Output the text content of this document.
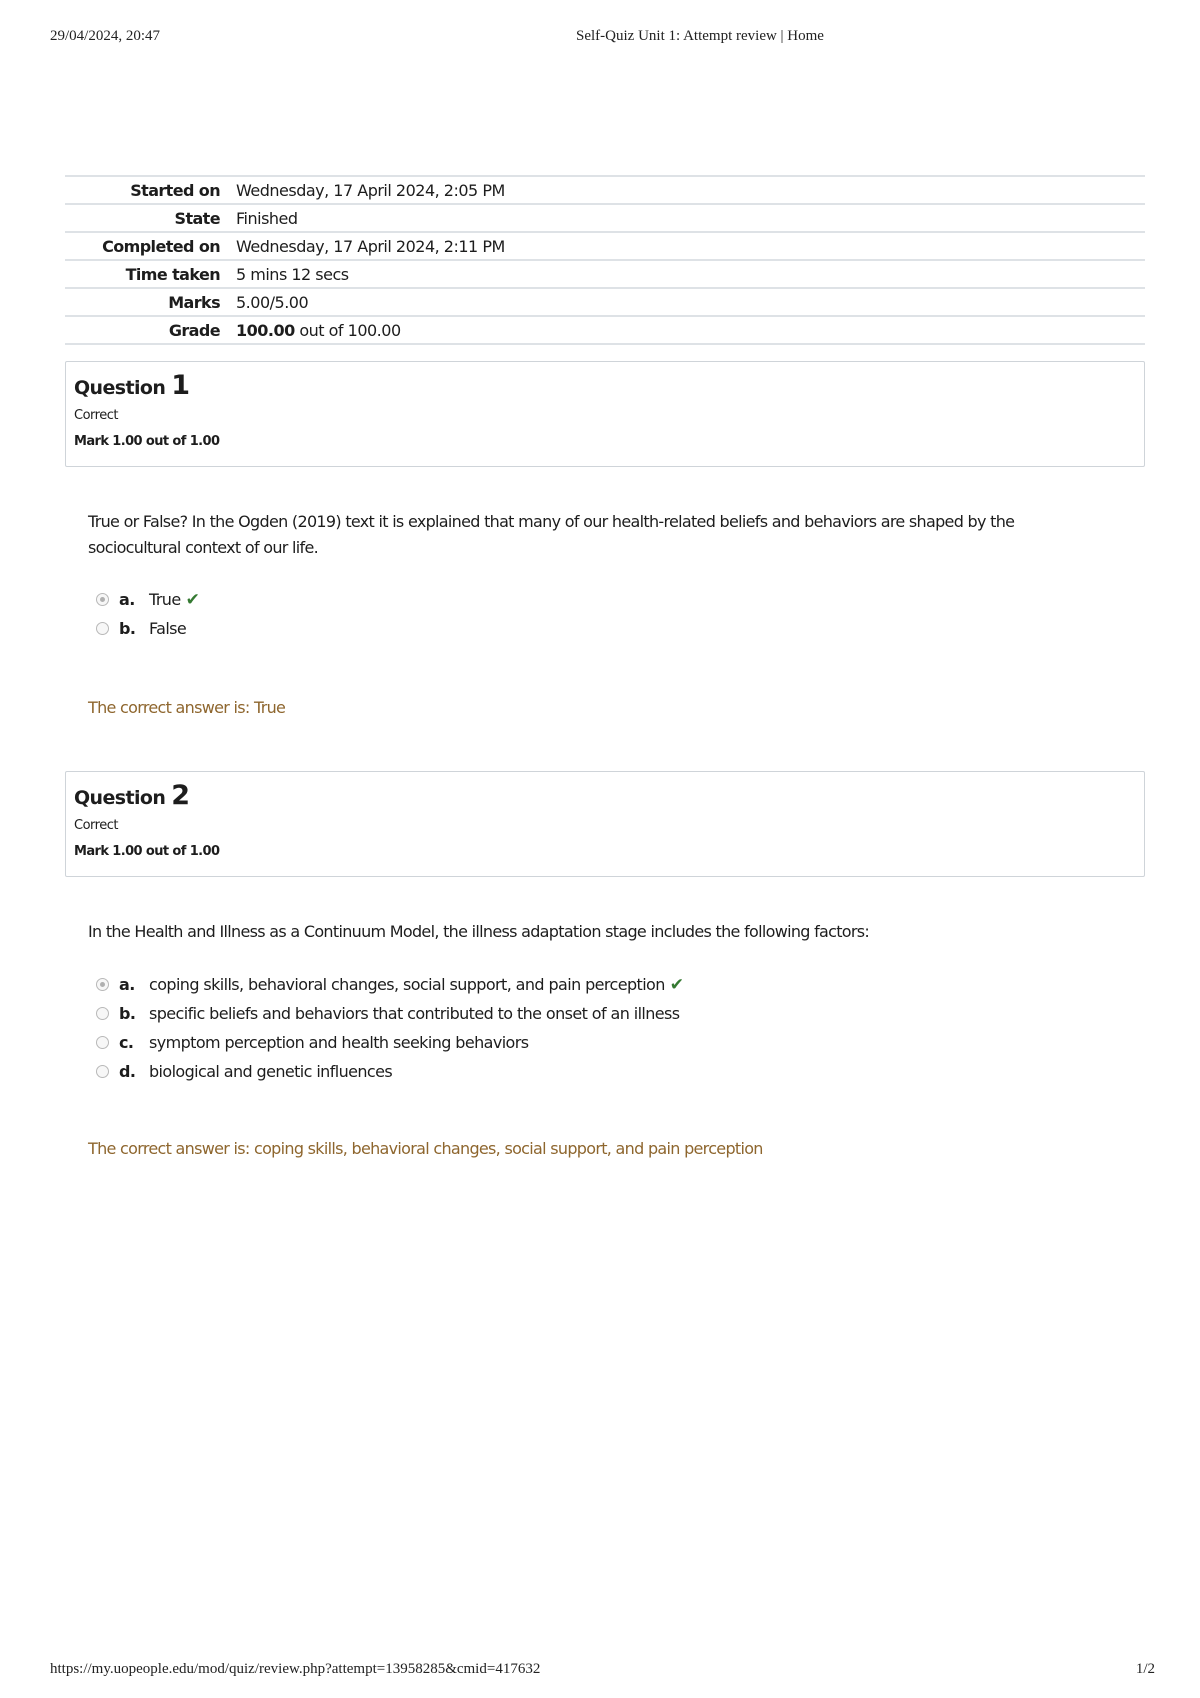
29/04/2024, 20:47	Self-Quiz Unit 1: Attempt review | Home
Started on	Wednesday, 17 April 2024, 2:05 PM
State	Finished
Completed on	Wednesday, 17 April 2024, 2:11 PM
Time taken	5 mins 12 secs
Marks	5.00/5.00
Grade	100.00 out of 100.00
Question 1
Correct
Mark 1.00 out of 1.00
True or False? In the Ogden (2019) text it is explained that many of our health-related beliefs and behaviors are shaped by the sociocultural context of our life.
a. True ✔
b. False
The correct answer is: True
Question 2
Correct
Mark 1.00 out of 1.00
In the Health and Illness as a Continuum Model, the illness adaptation stage includes the following factors:
a. coping skills, behavioral changes, social support, and pain perception ✔
b. specific beliefs and behaviors that contributed to the onset of an illness
c. symptom perception and health seeking behaviors
d. biological and genetic influences
The correct answer is: coping skills, behavioral changes, social support, and pain perception
https://my.uopeople.edu/mod/quiz/review.php?attempt=13958285&cmid=417632	1/2
